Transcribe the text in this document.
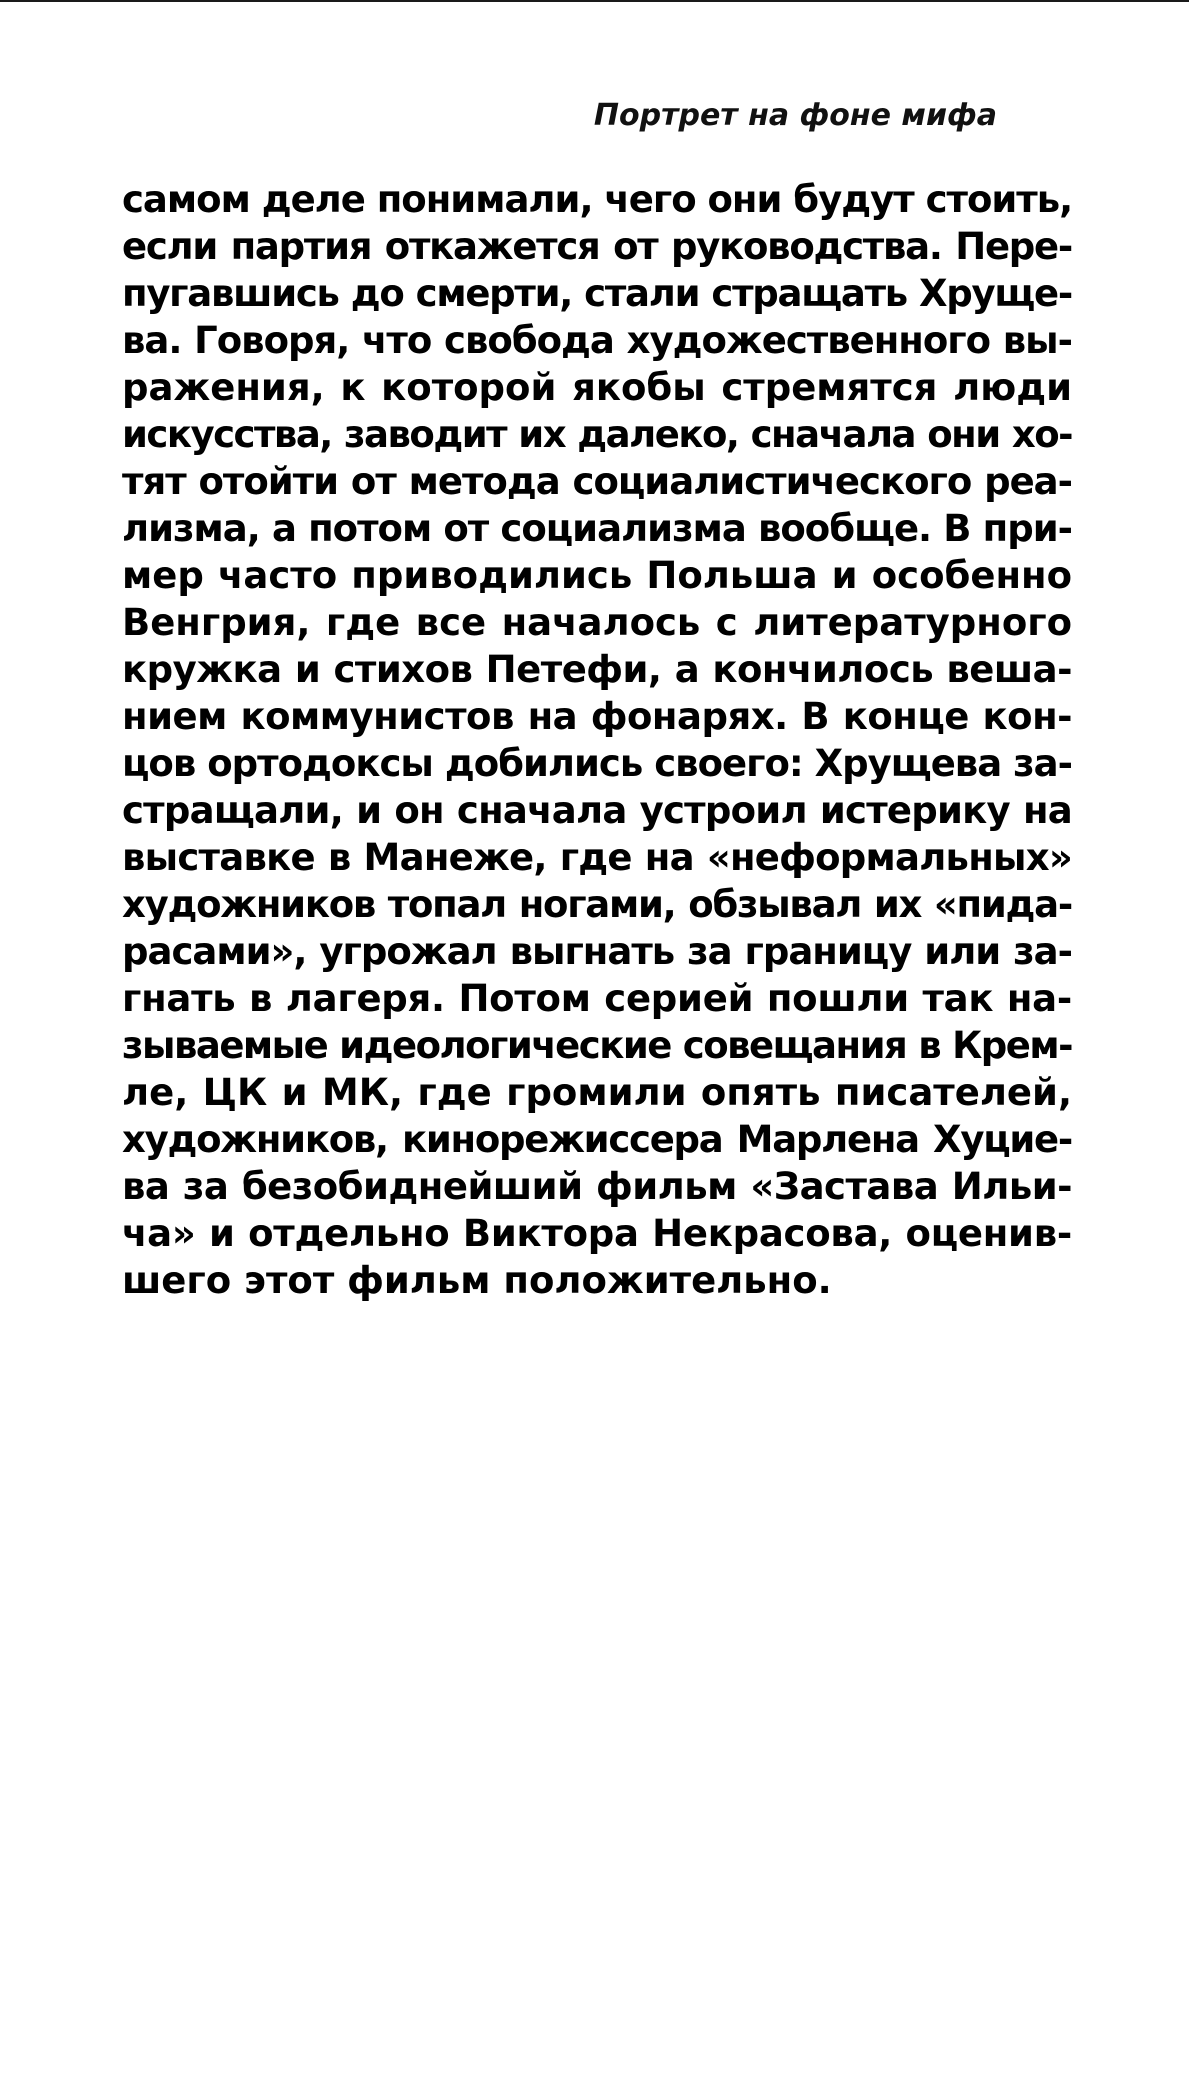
Портрет на фоне мифа
самом деле понимали, чего они будут стоить,
если партия откажется от руководства. Пере-
пугавшись до смерти, стали стращать Хруще-
ва. Говоря, что свобода художественного вы-
ражения, к которой якобы стремятся люди
искусства, заводит их далеко, сначала они хо-
тят отойти от метода социалистического реа-
лизма, а потом от социализма вообще. В при-
мер часто приводились Польша и особенно
Венгрия, где все началось с литературного
кружка и стихов Петефи, а кончилось веша-
нием коммунистов на фонарях. В конце кон-
цов ортодоксы добились своего: Хрущева за-
стращали, и он сначала устроил истерику на
выставке в Манеже, где на «неформальных»
художников топал ногами, обзывал их «пида-
расами», угрожал выгнать за границу или за-
гнать в лагеря. Потом серией пошли так на-
зываемые идеологические совещания в Крем-
ле, ЦК и МК, где громили опять писателей,
художников, кинорежиссера Марлена Хуцие-
ва за безобиднейший фильм «Застава Ильи-
ча» и отдельно Виктора Некрасова, оценив-
шего этот фильм положительно.
